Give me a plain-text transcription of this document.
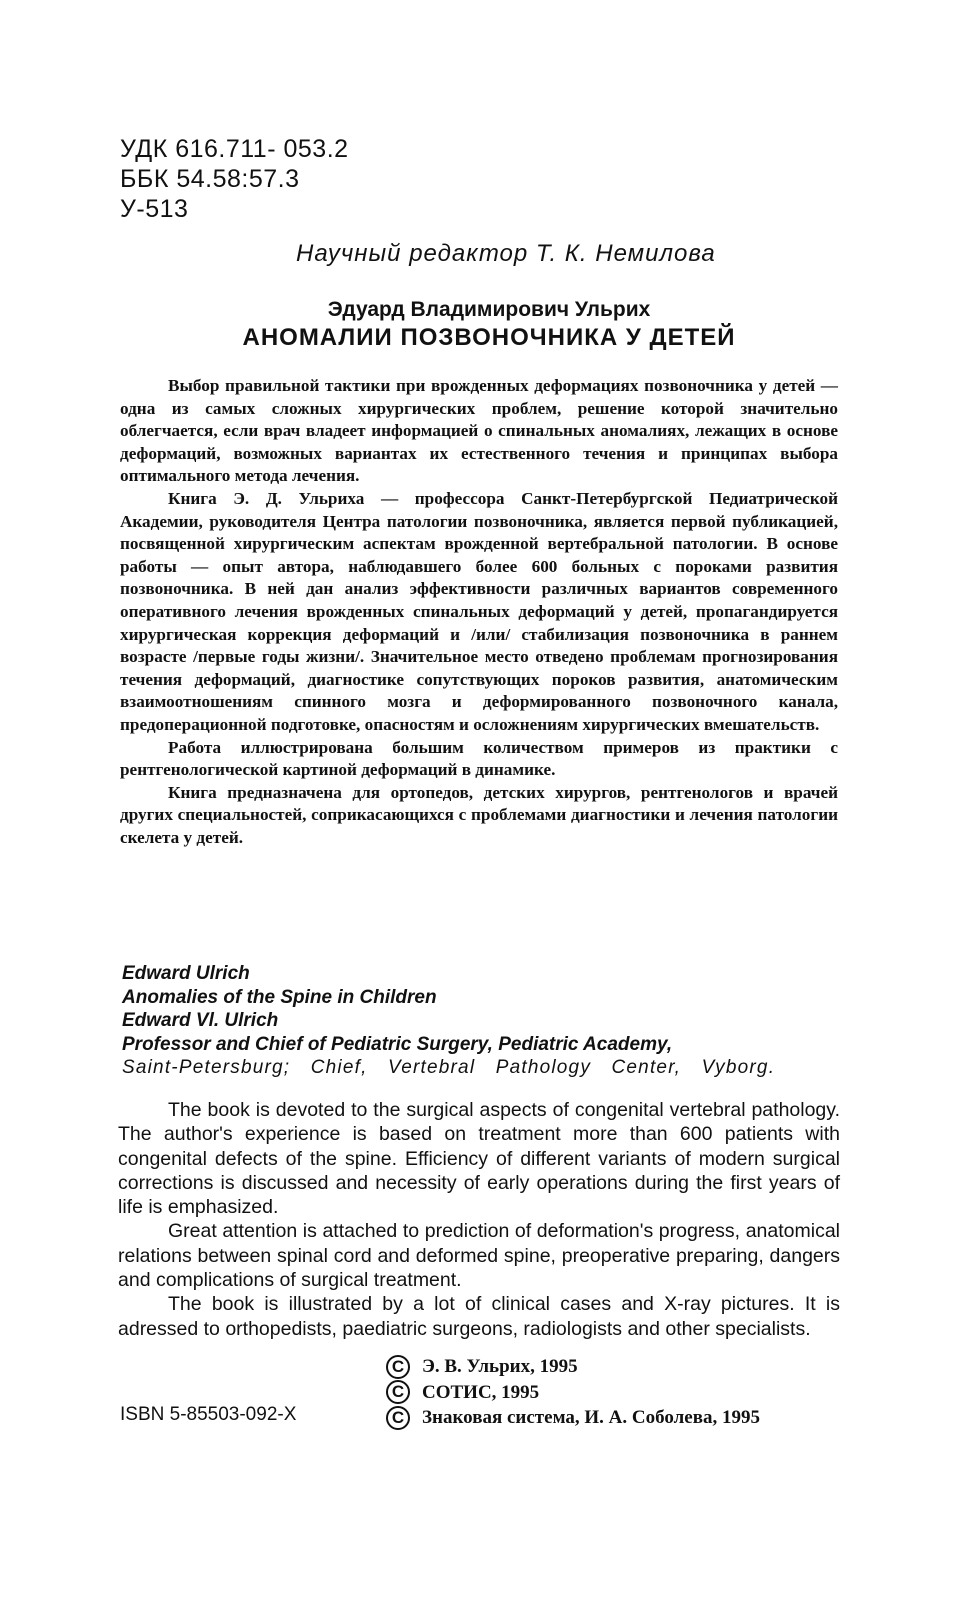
УДК 616.711- 053.2
ББК 54.58:57.3
У-513
Научный редактор Т. К. Немилова
Эдуард Владимирович Ульрих
АНОМАЛИИ ПОЗВОНОЧНИКА У ДЕТЕЙ

Выбор правильной тактики при врожденных деформациях позвоночника у детей — одна из самых сложных хирургических проблем, решение которой значительно облегчается, если врач владеет информацией о спинальных аномалиях, лежащих в основе деформаций, возможных вариантах их естественного течения и принципах выбора оптимального метода лечения.

Книга Э. Д. Ульриха — профессора Санкт-Петербургской Педиатрической Академии, руководителя Центра патологии позвоночника, является первой публикацией, посвященной хирургическим аспектам врожденной вертебральной патологии. В основе работы — опыт автора, наблюдавшего более 600 больных с пороками развития позвоночника. В ней дан анализ эффективности различных вариантов современного оперативного лечения врожденных спинальных деформаций у детей, пропагандируется хирургическая коррекция деформаций и /или/ стабилизация позвоночника в раннем возрасте /первые годы жизни/. Значительное место отведено проблемам прогнозирования течения деформаций, диагностике сопутствующих пороков развития, анатомическим взаимоотношениям спинного мозга и деформированного позвоночного канала, предоперационной подготовке, опасностям и осложнениям хирургических вмешательств.

Работа иллюстрирована большим количеством примеров из практики с рентгенологической картиной деформаций в динамике.

Книга предназначена для ортопедов, детских хирургов, рентгенологов и врачей других специальностей, соприкасающихся с проблемами диагностики и лечения патологии скелета у детей.

Edward Ulrich
Anomalies of the Spine in Children
Edward Vl. Ulrich
Professor and Chief of Pediatric Surgery, Pediatric Academy,
Saint-Petersburg; Chief, Vertebral Pathology Center, Vyborg.

The book is devoted to the surgical aspects of congenital vertebral pathology. The author's experience is based on treatment more than 600 patients with congenital defects of the spine. Efficiency of different variants of modern surgical corrections is discussed and necessity of early operations during the first years of life is emphasized.

Great attention is attached to prediction of deformation's progress, anatomical relations between spinal cord and deformed spine, preoperative preparing, dangers and complications of surgical treatment.

The book is illustrated by a lot of clinical cases and X-ray pictures. It is adressed to orthopedists, paediatric surgeons, radiologists and other specialists.

ISBN 5-85503-092-X
C Э. В. Ульрих, 1995
C СОТИС, 1995
C Знаковая система, И. А. Соболева, 1995
